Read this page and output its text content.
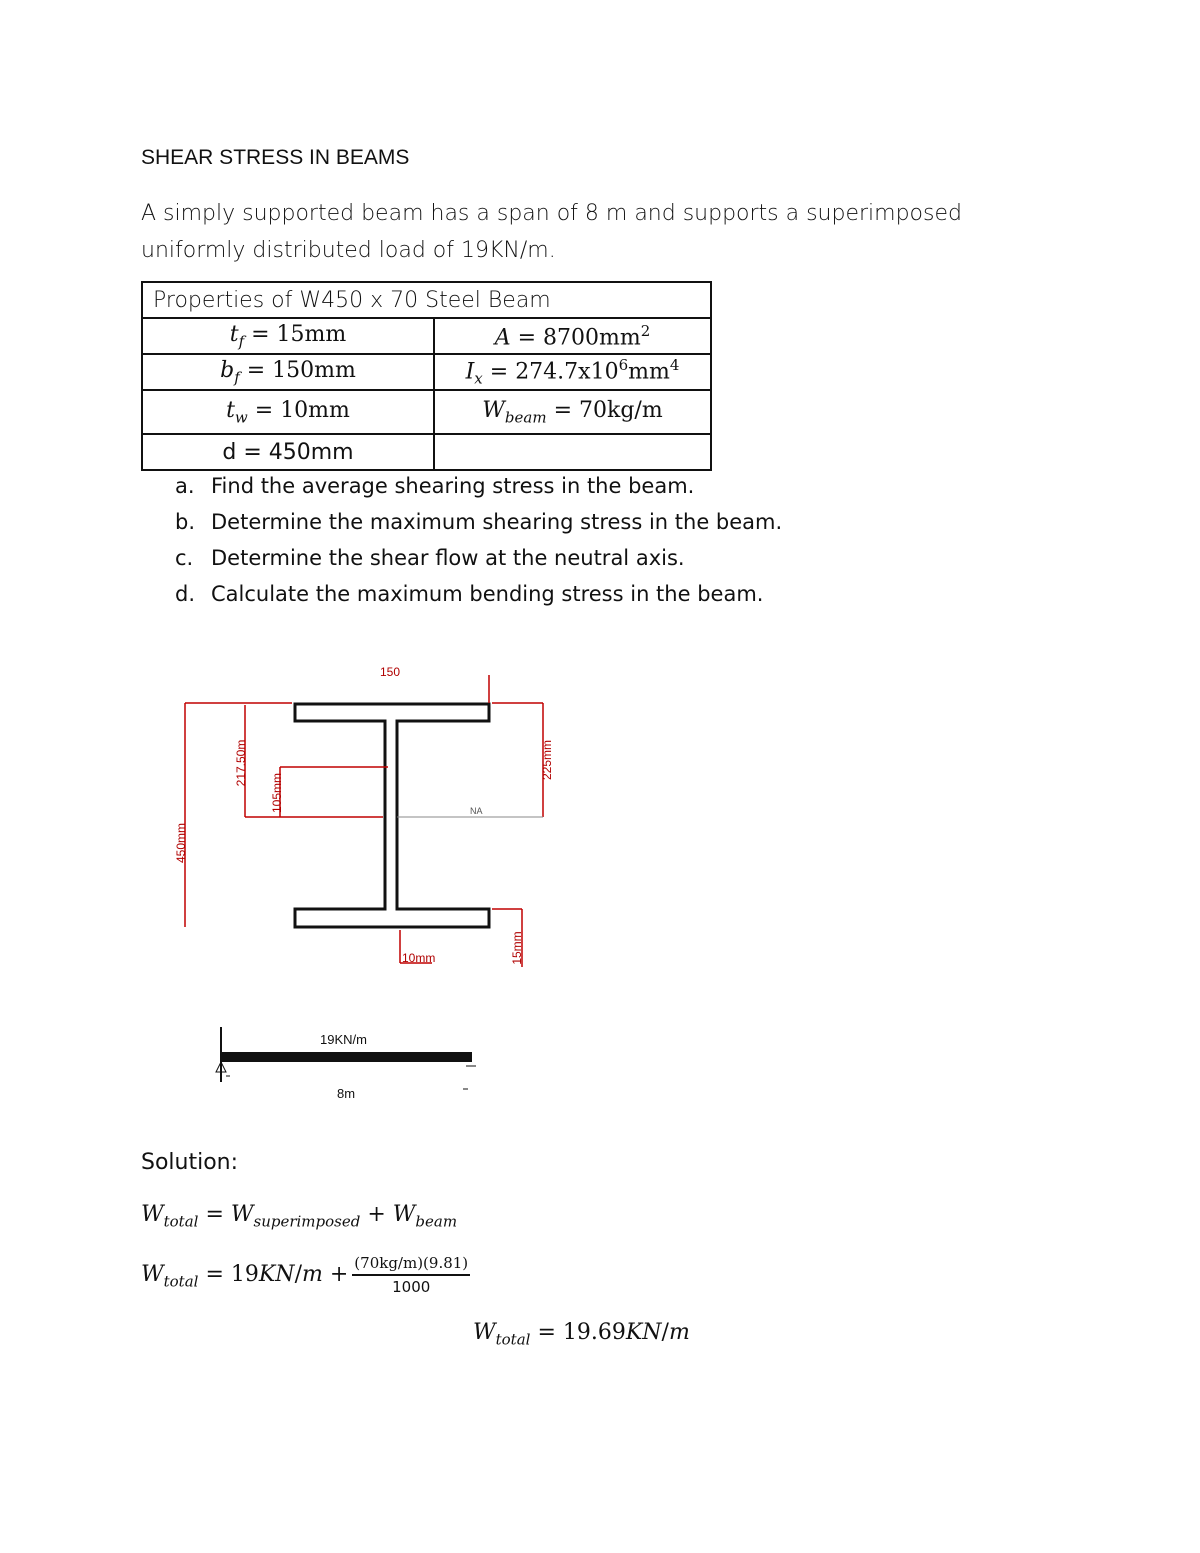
SHEAR STRESS IN BEAMS
A simply supported beam has a span of 8 m and supports a superimposed uniformly distributed load of 19KN/m.
Properties of W450 x 70 Steel Beam	
$t_f = 15mm$	$A = 8700mm^2$
$b_f = 150mm$	$I_x = 274.7x10^6mm^4$
$t_w = 10mm$	$W_{beam} = 70kg/m$
d = 450mm	
a. Find the average shearing stress in the beam.
b. Determine the maximum shearing stress in the beam.
c. Determine the shear flow at the neutral axis.
d. Calculate the maximum bending stress in the beam.
150
450mm
217.50m
105mm
225mm
NA
10mm	15mm
19KN/m
8m
Solution:
$W_{total} = W_{superimposed} + W_{beam}$
$W_{total} = 19KN/m + \frac{(70kg/m)(9.81)}{1000}$
$W_{total} = 19.69KN/m$
